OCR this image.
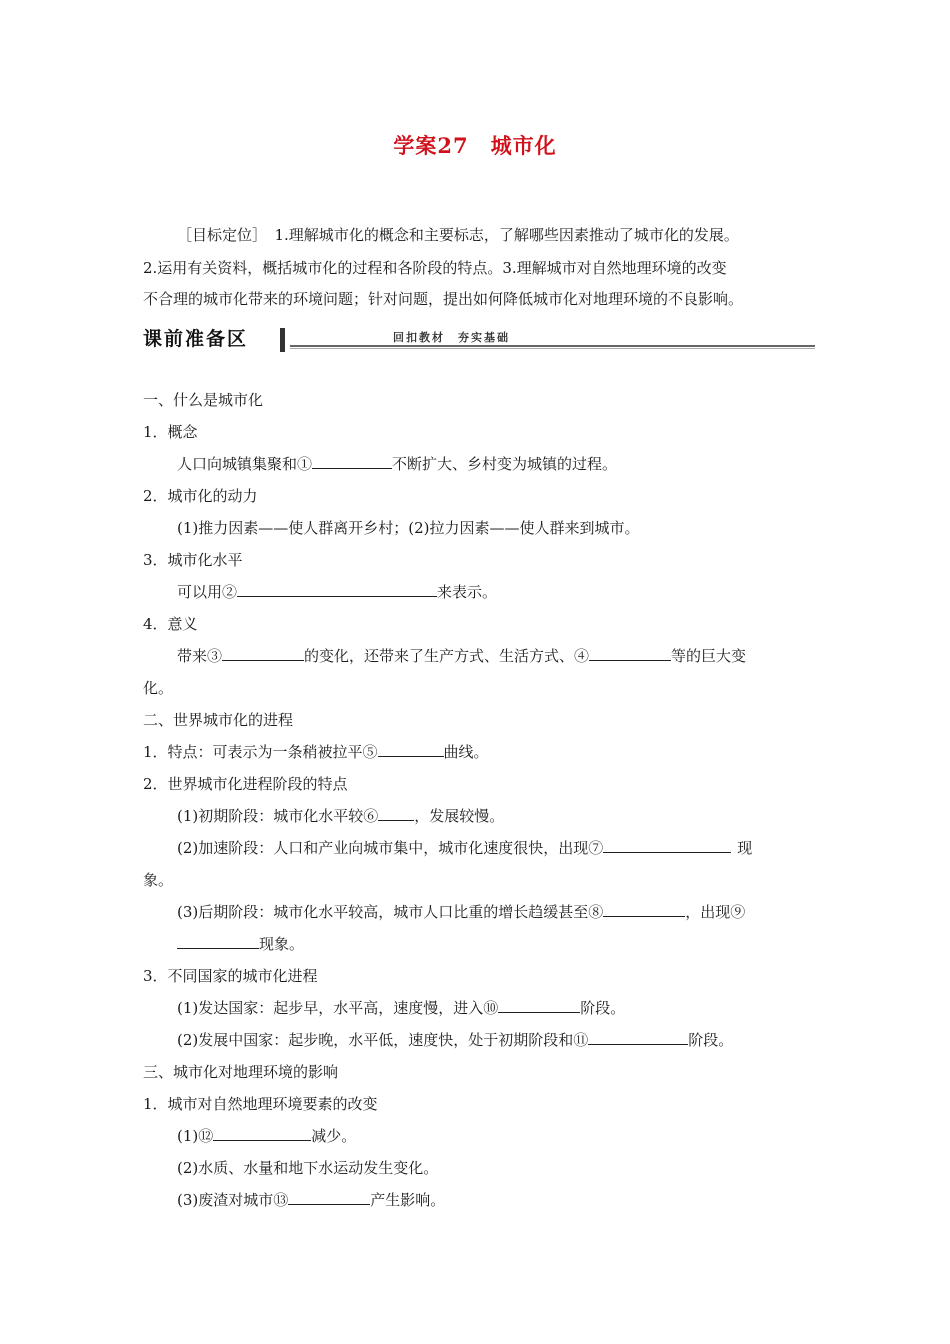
学案27 城市化
［目标定位］　1.理解城市化的概念和主要标志，了解哪些因素推动了城市化的发展。
2.运用有关资料，概括城市化的过程和各阶段的特点。3.理解城市对自然地理环境的改变
不合理的城市化带来的环境问题；针对问题，提出如何降低城市化对地理环境的不良影响。
课前准备区	回扣教材　夯实基础
一、什么是城市化
1．概念
人口向城镇集聚和①	不断扩大、乡村变为城镇的过程。
2．城市化的动力
(1)推力因素——使人群离开乡村；(2)拉力因素——使人群来到城市。
3．城市化水平
可以用②	来表示。
4．意义
带来③	的变化，还带来了生产方式、生活方式、④	等的巨大变
化。
二、世界城市化的进程
1．特点：可表示为一条稍被拉平⑤	曲线。
2．世界城市化进程阶段的特点
(1)初期阶段：城市化水平较⑥ ，发展较慢。
(2)加速阶段：人口和产业向城市集中，城市化速度很快，出现⑦	现
象。
(3)后期阶段：城市化水平较高，城市人口比重的增长趋缓甚至⑧	，出现⑨
现象。
3．不同国家的城市化进程
(1)发达国家：起步早，水平高，速度慢，进入⑩	阶段。
(2)发展中国家：起步晚，水平低，速度快，处于初期阶段和⑪	阶段。
三、城市化对地理环境的影响
1．城市对自然地理环境要素的改变
(1)⑫	减少。
(2)水质、水量和地下水运动发生变化。
(3)废渣对城市⑬	产生影响。
